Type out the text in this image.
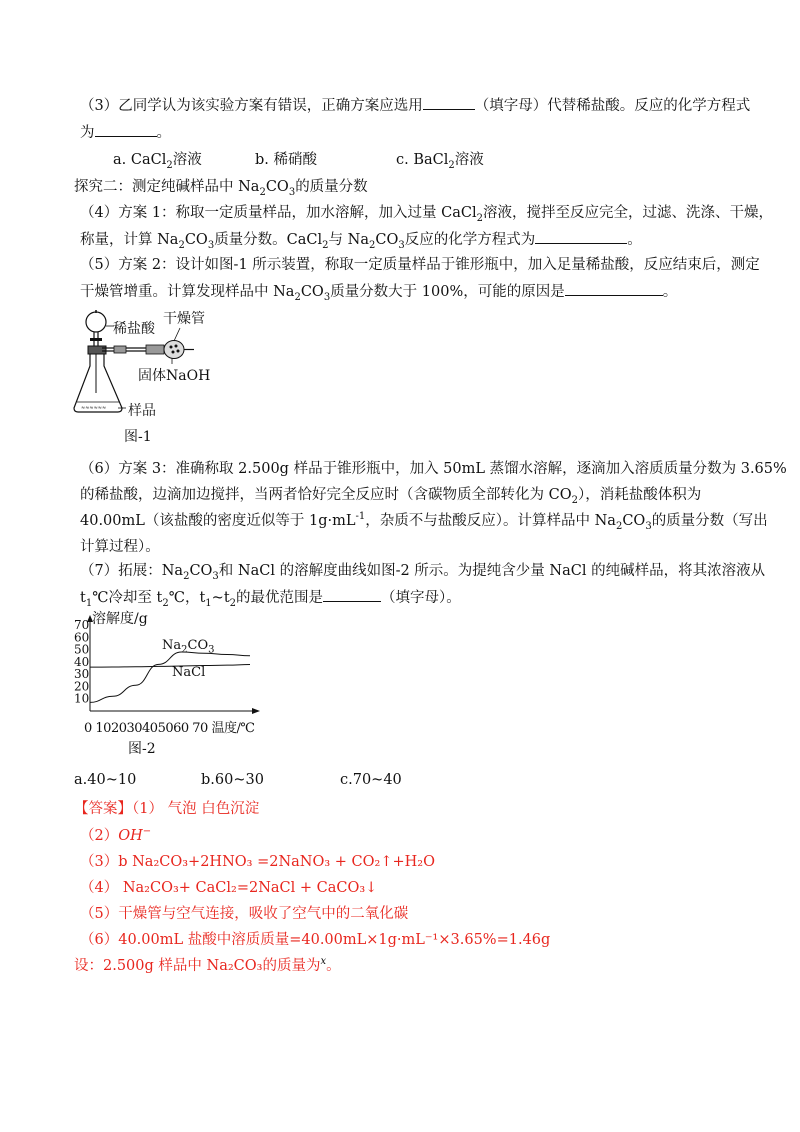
（3）乙同学认为该实验方案有错误，正确方案应选用	（填字母）代替稀盐酸。反应的化学方程式
为	。
a. CaCl$_2$溶液	b. 稀硝酸	c. BaCl$_2$溶液
探究二：测定纯碱样品中 $Na_2CO_3$的质量分数
（4）方案 1：称取一定质量样品，加水溶解，加入过量 CaCl$_2$溶液，搅拌至反应完全，过滤、洗涤、干燥，
称量，计算 $Na_2CO_3$质量分数。CaCl$_2$与 $Na_2CO_3$反应的化学方程式为	。
（5）方案 2：设计如图-1 所示装置，称取一定质量样品于锥形瓶中，加入足量稀盐酸，反应结束后，测定
干燥管增重。计算发现样品中 $Na_2CO_3$质量分数大于 100%，可能的原因是	。
≈≈≈≈≈≈
稀盐酸
干燥管
固体NaOH
样品
图-1
（6）方案 3：准确称取 2.500g 样品于锥形瓶中，加入 50mL 蒸馏水溶解，逐滴加入溶质质量分数为 3.65%
的稀盐酸，边滴加边搅拌，当两者恰好完全反应时（含碳物质全部转化为 $CO_2$），消耗盐酸体积为
40.00mL（该盐酸的密度近似等于 $1g\cdot mL^{-1}$，杂质不与盐酸反应）。计算样品中 $Na_2CO_3$的质量分数（写出
计算过程）。
（7）拓展：$Na_2CO_3$和 NaCl 的溶解度曲线如图-2 所示。为提纯含少量 NaCl 的纯碱样品，将其浓溶液从
$t_1℃$冷却至 $t_2℃$，$t_1\sim t_2$的最优范围是	（填字母）。
溶解度/g
10
20
30
40
50
60
70
$Na_2CO_3$
NaCl
0 102030405060 70 温度/℃
图-2
a.40~10	b.60~30	c.70~40
【答案】（1） 气泡 白色沉淀
（2）OH−
（3）b Na₂CO₃+2HNO₃ =2NaNO₃ + CO₂↑+H₂O
（4） Na₂CO₃+ CaCl₂=2NaCl + CaCO₃↓
（5）干燥管与空气连接，吸收了空气中的二氧化碳
（6）40.00mL 盐酸中溶质质量=40.00mL×1g·mL⁻¹×3.65%=1.46g
设：2.500g 样品中 Na₂CO₃的质量为$^x$。
